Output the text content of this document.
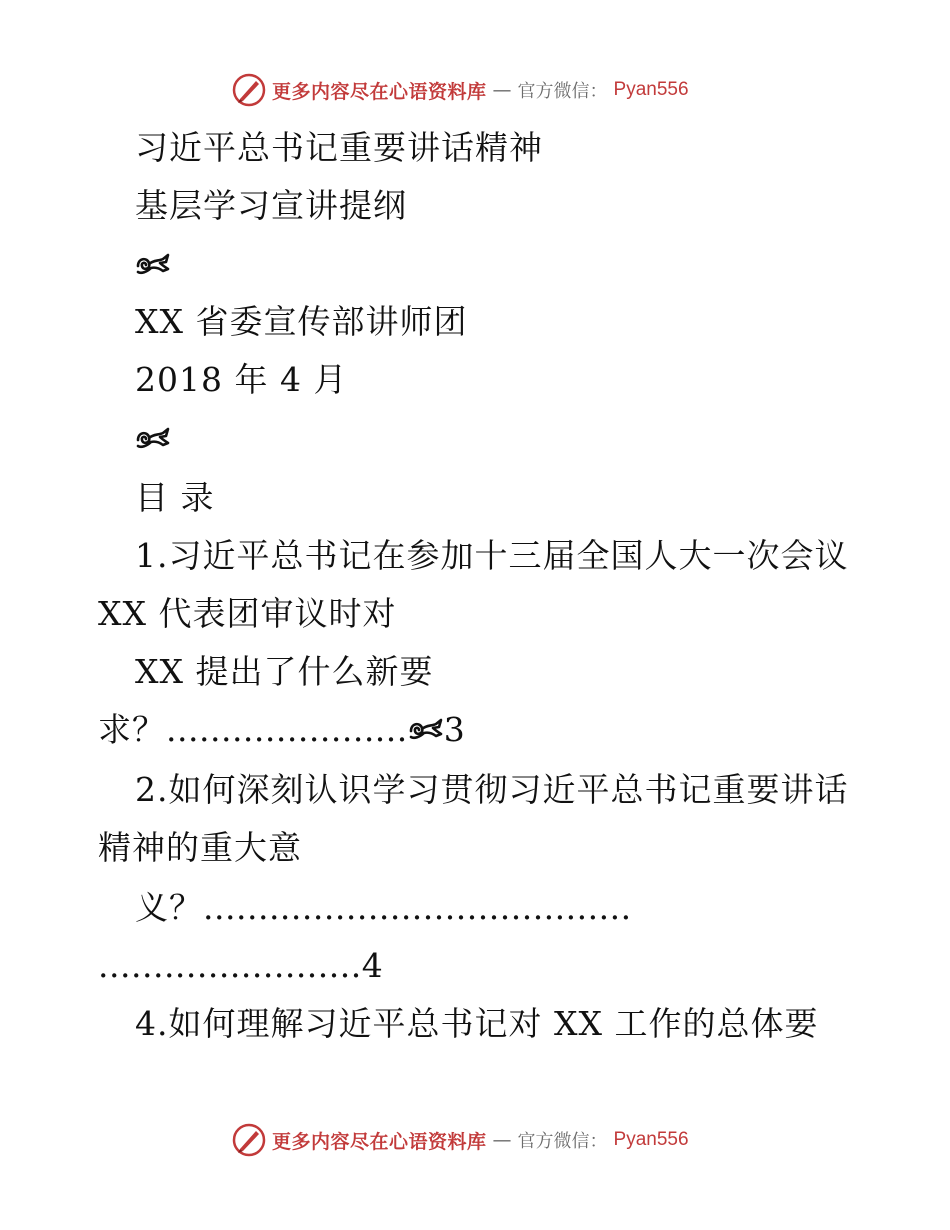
更多内容尽在心语资料库 — 官方微信： Pyan556
习近平总书记重要讲话精神
基层学习宣讲提纲
XX 省委宣传部讲师团
2018 年 4 月
目 录
1.习近平总书记在参加十三届全国人大一次会议
XX 代表团审议时对
XX 提出了什么新要
求？...................... 3
2.如何深刻认识学习贯彻习近平总书记重要讲话
精神的重大意
义？.......................................
........................4
4.如何理解习近平总书记对 XX 工作的总体要
更多内容尽在心语资料库 — 官方微信： Pyan556
